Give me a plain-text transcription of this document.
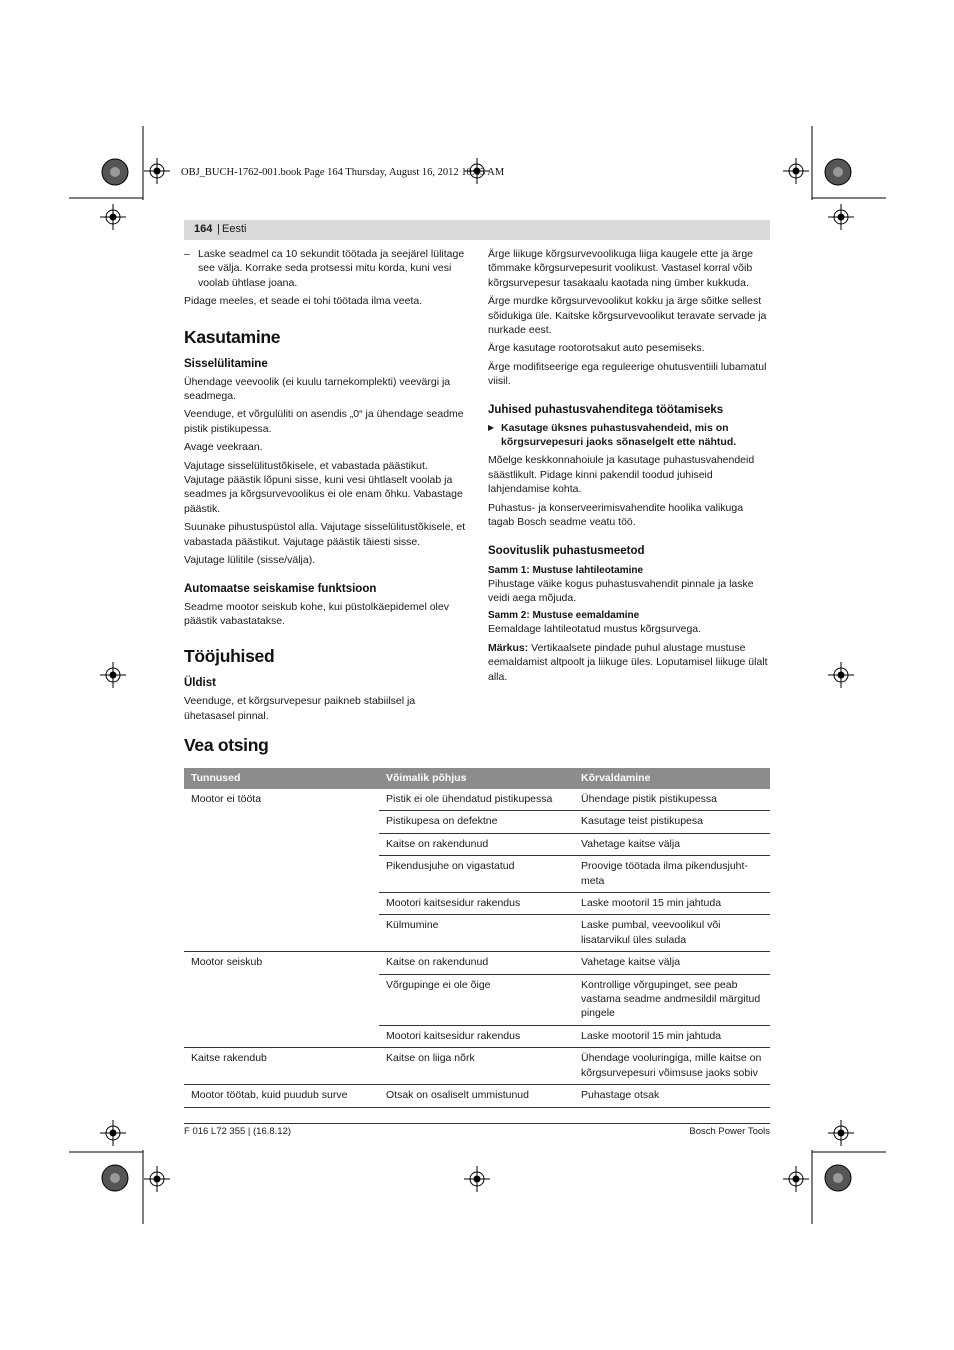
OBJ_BUCH-1762-001.book Page 164 Thursday, August 16, 2012 10:03 AM
164 | Eesti
– Laske seadmel ca 10 sekundit töötada ja seejärel lülitage see välja. Korrake seda protsessi mitu korda, kuni vesi voolab ühtlase joana.

Pidage meeles, et seade ei tohi töötada ilma veeta.

Kasutamine
Sisselülitamine

Ühendage veevoolik (ei kuulu tarnekomplekti) veevärgi ja seadmega.

Veenduge, et võrgulüliti on asendis „0“ ja ühendage seadme pistik pistikupessa.

Avage veekraan.

Vajutage sisselülitustõkisele, et vabastada päästikut. Vajutage päästik lõpuni sisse, kuni vesi ühtlaselt voolab ja seadmes ja kõrgsurvevoolikus ei ole enam õhku. Vabastage päästik.

Suunake pihustuspüstol alla. Vajutage sisselülitustõkisele, et vabastada päästikut. Vajutage päästik täiesti sisse.

Vajutage lülitile (sisse/välja).

Automaatse seiskamise funktsioon

Seadme mootor seiskub kohe, kui püstolkäepidemel olev päästik vabastatakse.

Tööjuhised
Üldist

Veenduge, et kõrgsurvepesur paikneb stabiilsel ja ühetasasel pinnal.

Ärge liikuge kõrgsurvevoolikuga liiga kaugele ette ja ärge tõmmake kõrgsurvepesurit voolikust. Vastasel korral võib kõrgsurvepesur tasakaalu kaotada ning ümber kukkuda.

Ärge murdke kõrgsurvevoolikut kokku ja ärge sõitke sellest sõidukiga üle. Kaitske kõrgsurvevoolikut teravate servade ja nurkade eest.

Ärge kasutage rootorotsakut auto pesemiseks.

Ärge modifitseerige ega reguleerige ohutusventiili lubamatul viisil.

Juhised puhastusvahenditega töötamiseks
▶ Kasutage üksnes puhastusvahendeid, mis on kõrgsurvepesuri jaoks sõnaselgelt ette nähtud.

Mõelge keskkonnahoiule ja kasutage puhastusvahendeid säästlikult. Pidage kinni pakendil toodud juhiseid lahjendamise kohta.

Puhastus- ja konserveerimisvahendite hoolika valikuga tagab Bosch seadme veatu töö.

Soovituslik puhastusmeetod
Samm 1: Mustuse lahtileotamine

Pihustage väike kogus puhastusvahendit pinnale ja laske veidi aega mõjuda.

Samm 2: Mustuse eemaldamine

Eemaldage lahtileotatud mustus kõrgsurvega.

Märkus: Vertikaalsete pindade puhul alustage mustuse eemaldamist altpoolt ja liikuge üles. Loputamisel liikuge ülalt alla.

Vea otsing
Tunnused	Võimalik põhjus	Kõrvaldamine
Mootor ei tööta	Pistik ei ole ühendatud pistikupessa	Ühendage pistik pistikupessa
	Pistikupesa on defektne	Kasutage teist pistikupesa
	Kaitse on rakendunud	Vahetage kaitse välja
	Pikendusjuhe on vigastatud	Proovige töötada ilma pikendusjuht- meta
	Mootori kaitsesidur rakendus	Laske mootoril 15 min jahtuda
	Külmumine	Laske pumbal, veevoolikul või lisatarvikul üles sulada
Mootor seiskub	Kaitse on rakendunud	Vahetage kaitse välja
	Võrgupinge ei ole õige	Kontrollige võrgupinget, see peab vastama seadme andmesildil märgitud pingele
	Mootori kaitsesidur rakendus	Laske mootoril 15 min jahtuda
Kaitse rakendub	Kaitse on liiga nõrk	Ühendage vooluringiga, mille kaitse on kõrgsurvepesuri võimsuse jaoks sobiv
Mootor töötab, kuid puudub surve	Otsak on osaliselt ummistunud	Puhastage otsak
F 016 L72 355 | (16.8.12)	Bosch Power Tools
